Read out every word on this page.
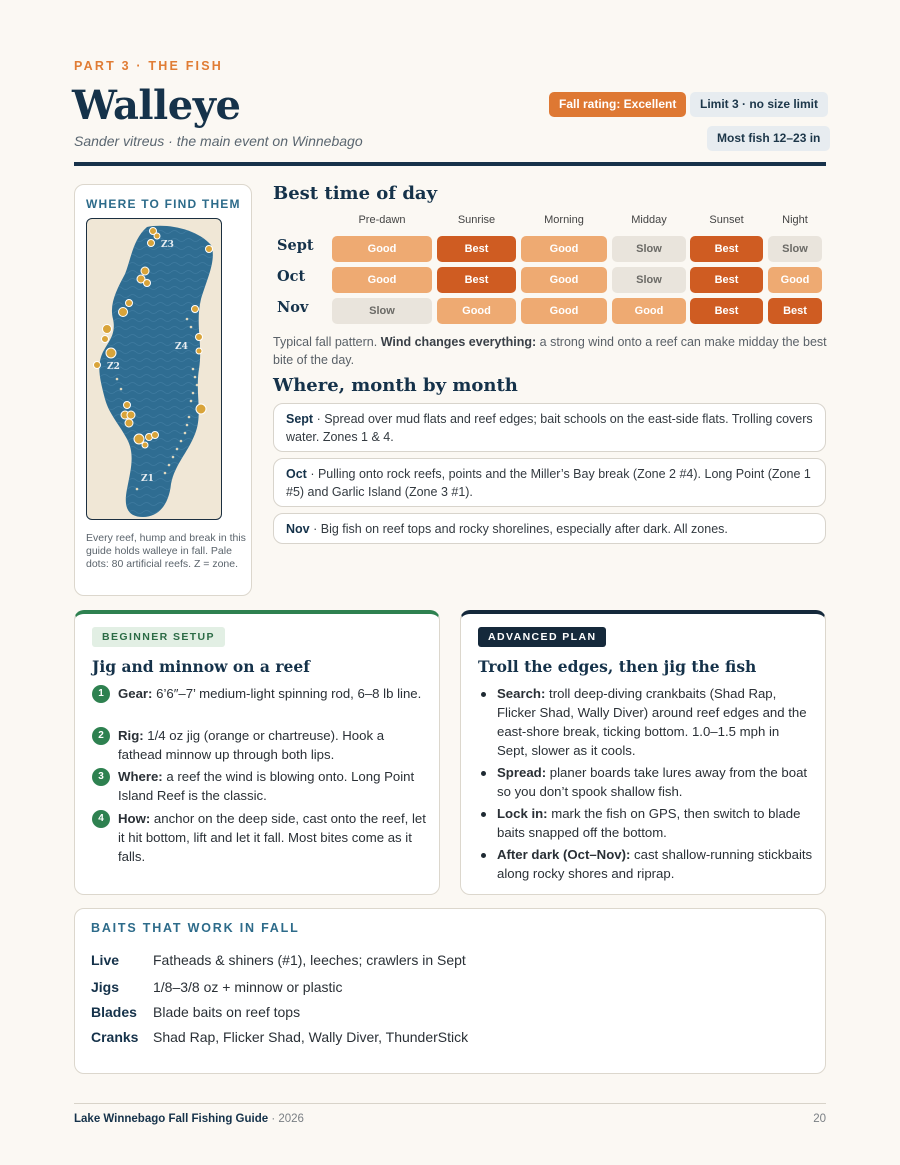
PART 3 · THE FISH
Walleye
Sander vitreus · the main event on Winnebago
Fall rating: Excellent	Limit 3 · no size limit
Most fish 12–23 in
WHERE TO FIND THEM
Z3
Z4
Z2
Z1
Every reef, hump and break in this guide holds walleye in fall. Pale dots: 80 artificial reefs. Z = zone.
Best time of day
Pre-dawn	Sunrise	Morning	Midday	Sunset	Night
Sept	Good	Best	Good	Slow	Best	Slow
Oct	Good	Best	Good	Slow	Best	Good
Nov	Slow	Good	Good	Good	Best	Best
Typical fall pattern. Wind changes everything: a strong wind onto a reef can make midday the best bite of the day.
Where, month by month
Sept · Spread over mud flats and reef edges; bait schools on the east-side flats. Trolling covers water. Zones 1 & 4.
Oct · Pulling onto rock reefs, points and the Miller’s Bay break (Zone 2 #4). Long Point (Zone 1 #5) and Garlic Island (Zone 3 #1).
Nov · Big fish on reef tops and rocky shorelines, especially after dark. All zones.
BEGINNER SETUP
Jig and minnow on a reef
1	Gear: 6’6″–7’ medium-light spinning rod, 6–8 lb line.
2	Rig: 1/4 oz jig (orange or chartreuse). Hook a fathead minnow up through both lips.
3	Where: a reef the wind is blowing onto. Long Point Island Reef is the classic.
4	How: anchor on the deep side, cast onto the reef, let it hit bottom, lift and let it fall. Most bites come as it falls.
ADVANCED PLAN
Troll the edges, then jig the fish
Search: troll deep-diving crankbaits (Shad Rap, Flicker Shad, Wally Diver) around reef edges and the east-shore break, ticking bottom. 1.0–1.5 mph in Sept, slower as it cools.
Spread: planer boards take lures away from the boat so you don’t spook shallow fish.
Lock in: mark the fish on GPS, then switch to blade baits snapped off the bottom.
After dark (Oct–Nov): cast shallow-running stickbaits along rocky shores and riprap.
BAITS THAT WORK IN FALL
Live	Fatheads & shiners (#1), leeches; crawlers in Sept
Jigs	1/8–3/8 oz + minnow or plastic
Blades	Blade baits on reef tops
Cranks	Shad Rap, Flicker Shad, Wally Diver, ThunderStick
Lake Winnebago Fall Fishing Guide · 2026	20
